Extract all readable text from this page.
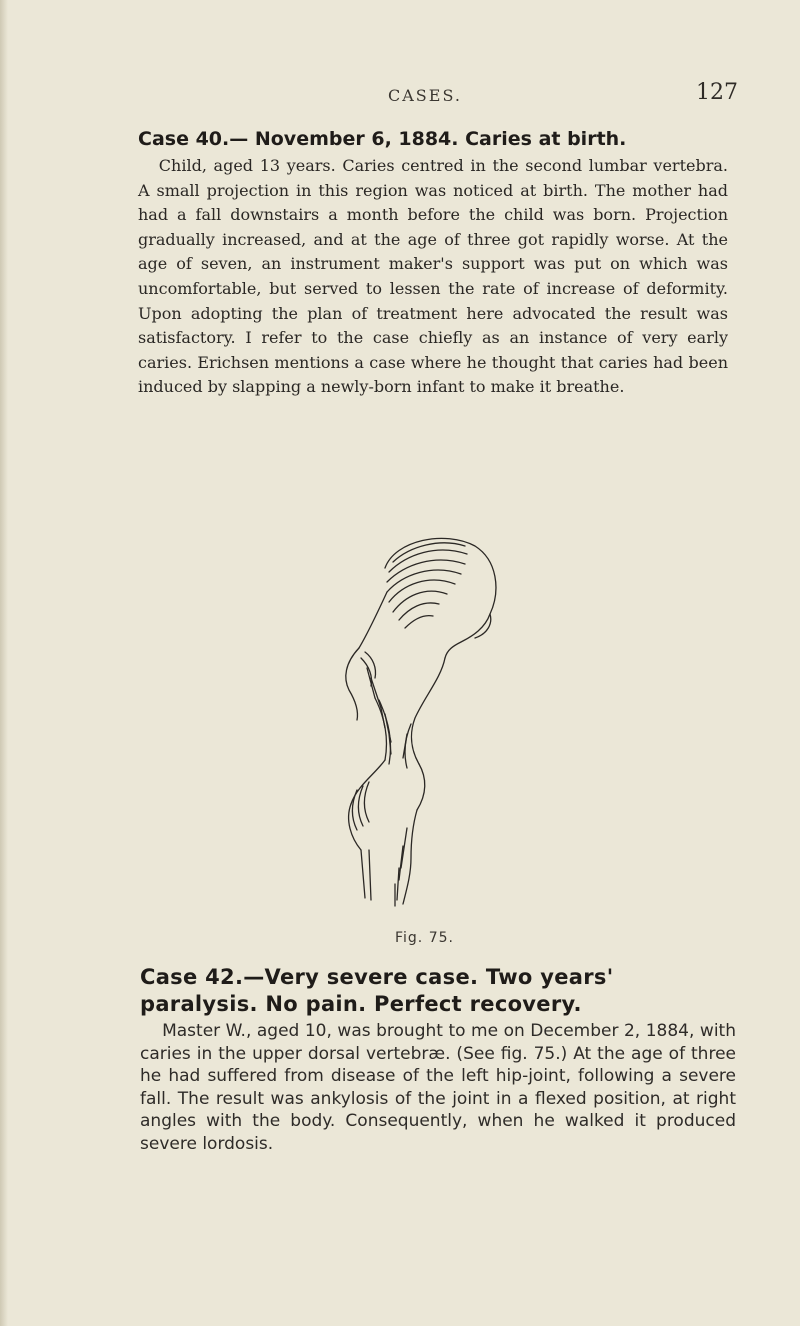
CASES.	127

Case 40.— November 6, 1884. Caries at birth.

Child, aged 13 years. Caries centred in the second lumbar vertebra. A small projection in this region was noticed at birth. The mother had had a fall downstairs a month before the child was born. Projection gradually increased, and at the age of three got rapidly worse. At the age of seven, an instrument maker's support was put on which was uncomfortable, but served to lessen the rate of increase of deformity. Upon adopting the plan of treatment here advocated the result was satisfactory. I refer to the case chiefly as an instance of very early caries. Erichsen mentions a case where he thought that caries had been induced by slapping a newly-born infant to make it breathe.

Fig. 75.

Case 42.—Very severe case. Two years' paralysis. No pain. Perfect recovery.

Master W., aged 10, was brought to me on December 2, 1884, with caries in the upper dorsal vertebræ. (See fig. 75.) At the age of three he had suffered from disease of the left hip-joint, following a severe fall. The result was ankylosis of the joint in a flexed position, at right angles with the body. Consequently, when he walked it produced severe lordosis.
